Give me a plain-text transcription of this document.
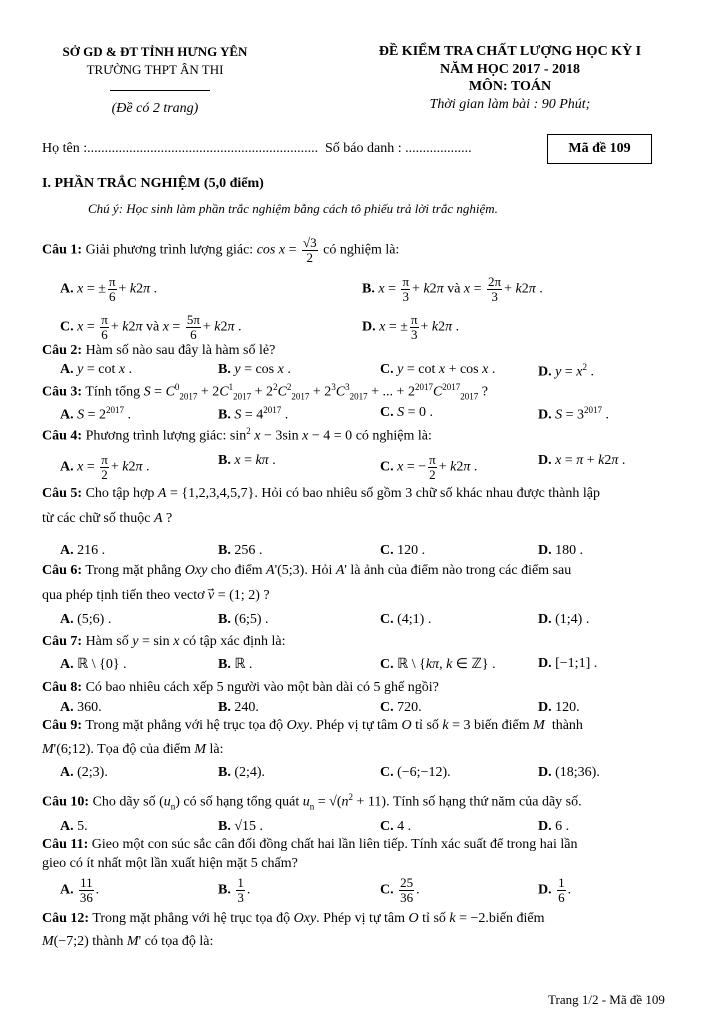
SỞ GD & ĐT TỈNH HƯNG YÊN
TRƯỜNG THPT ÂN THI
(Đề có 2 trang)
ĐỀ KIỂM TRA CHẤT LƯỢNG HỌC KỲ I
NĂM HỌC 2017 - 2018
MÔN: TOÁN
Thời gian làm bài : 90 Phút;
Họ tên :.................................................................. Số báo danh : ...................	Mã đề 109
I. PHẦN TRẮC NGHIỆM (5,0 điểm)
Chú ý: Học sinh làm phần trắc nghiệm bằng cách tô phiếu trả lời trắc nghiệm.
Câu 1: Giải phương trình lượng giác: $\cos x = \frac{√3}{2}$ có nghiệm là:
A. x = ± $\frac{\pi}{6} + k2\pi$ .	B. $x = \frac{\pi}{3} + k2\pi$ và $x = \frac{2\pi}{3} + k2\pi$ .
C. $x = \frac{\pi}{6} + k2\pi$ và $x = \frac{5\pi}{6} + k2\pi$ .	D. x = ± $\frac{\pi}{3} + k2\pi$ .
Câu 2: Hàm số nào sau đây là hàm số lẻ?
A. y = cot x .	B. y = cos x .	C. y = cot x + cos x .	D. $y = x^2$ .
Câu 3: Tính tổng $S = C^0_{2017} + 2C^1_{2017} + 2^2C^2_{2017} + 2^3C^3_{2017}$ + ... + $2^{2017}C^{2017}_{2017}$ ?
A. $S = 2^{2017}$ .	B. $S = 4^{2017}$ .	C. S = 0 .	D. $S = 3^{2017}$ .
Câu 4: Phương trình lượng giác: $\sin^2 x - 3\sin$ x − 4 = 0 có nghiệm là:
A. $x = \frac{\pi}{2} + k2\pi$ .	B. x = kπ .	C. x = − $\frac{\pi}{2} + k2\pi$ .	D. x = π + k2π .
Câu 5: Cho tập hợp A = {1,2,3,4,5,7}. Hỏi có bao nhiêu số gồm 3 chữ số khác nhau được thành lập
từ các chữ số thuộc A ?
A. 216 .	B. 256 .	C. 120 .	D. 180 .
Câu 6: Trong mặt phẳng Oxy cho điểm A'(5;3). Hỏi A' là ảnh của điểm nào trong các điểm sau
qua phép tịnh tiến theo vectơ v⃗ = (1; 2) ?
A. (5;6) .	B. (6;5) .	C. (4;1) .	D. (1;4) .
Câu 7: Hàm số y = sin x có tập xác định là:
A. ℝ \ {0} .	B. ℝ .	C. ℝ \ {kπ, k ∈ ℤ} .	D. [−1;1] .
Câu 8: Có bao nhiêu cách xếp 5 người vào một bàn dài có 5 ghế ngồi?
A. 360.	B. 240.	C. 720.	D. 120.
Câu 9: Trong mặt phẳng với hệ trục tọa độ Oxy. Phép vị tự tâm O tỉ số k = 3 biến điểm M thành
M'(6;12). Tọa độ của điểm M là:
A. (2;3).	B. (2;4).	C. (−6;−12).	D. (18;36).
Câu 10: Cho dãy số $(u_n)$ có số hạng tổng quát $u_n = √(n^2 + 11)$. Tính số hạng thứ năm của dãy số.
A. 5.	B. √15 .	C. 4 .	D. 6 .
Câu 11: Gieo một con súc sắc cân đối đồng chất hai lần liên tiếp. Tính xác suất để trong hai lần
gieo có ít nhất một lần xuất hiện mặt 5 chấm?
A. $\frac{11}{36}$ .	B. $\frac{1}{3}$ .	C. $\frac{25}{36}$ .	D. $\frac{1}{6}$ .
Câu 12: Trong mặt phẳng với hệ trục tọa độ Oxy. Phép vị tự tâm O tỉ số k = −2.biến điểm
M(−7;2) thành M' có tọa độ là:
Trang 1/2 - Mã đề 109
